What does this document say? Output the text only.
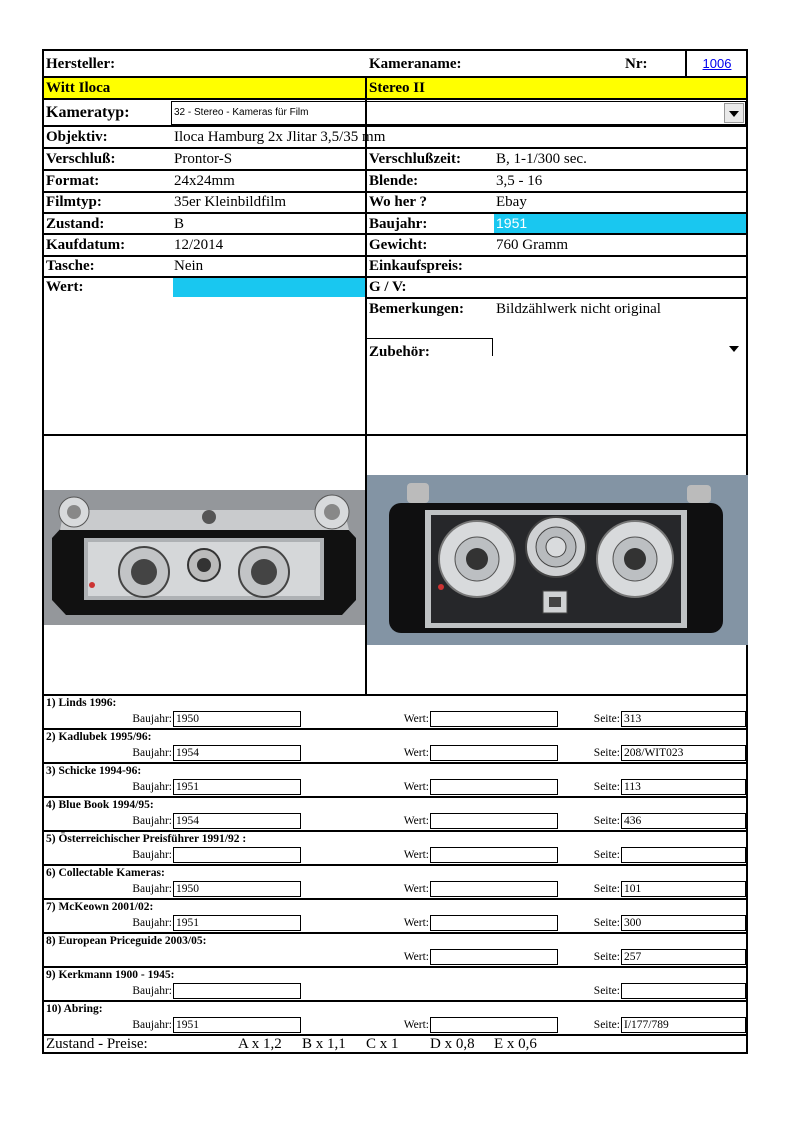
Hersteller:	Kameraname:	Nr:	1006
Witt Iloca	Stereo II
Kameratyp:	32 - Stereo - Kameras für Film
Objektiv:	Iloca Hamburg 2x Jlitar 3,5/35 mm
Verschluß:	Prontor-S	Verschlußzeit: B, 1-1/300 sec.
Format:	24x24mm	Blende:	3,5 - 16
Filmtyp:	35er Kleinbildfilm	Wo her ?	Ebay
Zustand:	B	Baujahr:	1951
Kaufdatum:	12/2014	Gewicht:	760 Gramm
Tasche:	Nein	Einkaufspreis:
Wert:	G / V:
Bemerkungen: Bildzählwerk nicht original
Zubehör:
Zustand - Preise:	A x 1,2 B x 1,1 C x 1 D x 0,8 E x 0,6
1) Linds 1996:
Baujahr: 1950	Wert:	Seite: 313
2) Kadlubek 1995/96:
Baujahr: 1954	Wert:	Seite: 208/WIT023
3) Schicke 1994-96:
Baujahr: 1951	Wert:	Seite: 113
4) Blue Book 1994/95:
Baujahr: 1954	Wert:	Seite: 436
5) Österreichischer Preisführer 1991/92 :
Baujahr:	Wert:	Seite:
6) Collectable Kameras:
Baujahr: 1950	Wert:	Seite: 101
7) McKeown 2001/02:
Baujahr: 1951	Wert:	Seite: 300
8) European Priceguide 2003/05:
Wert:	Seite: 257
9) Kerkmann 1900 - 1945:
Baujahr:	Seite:
10) Abring:
Baujahr: 1951	Wert:	Seite: I/177/789
